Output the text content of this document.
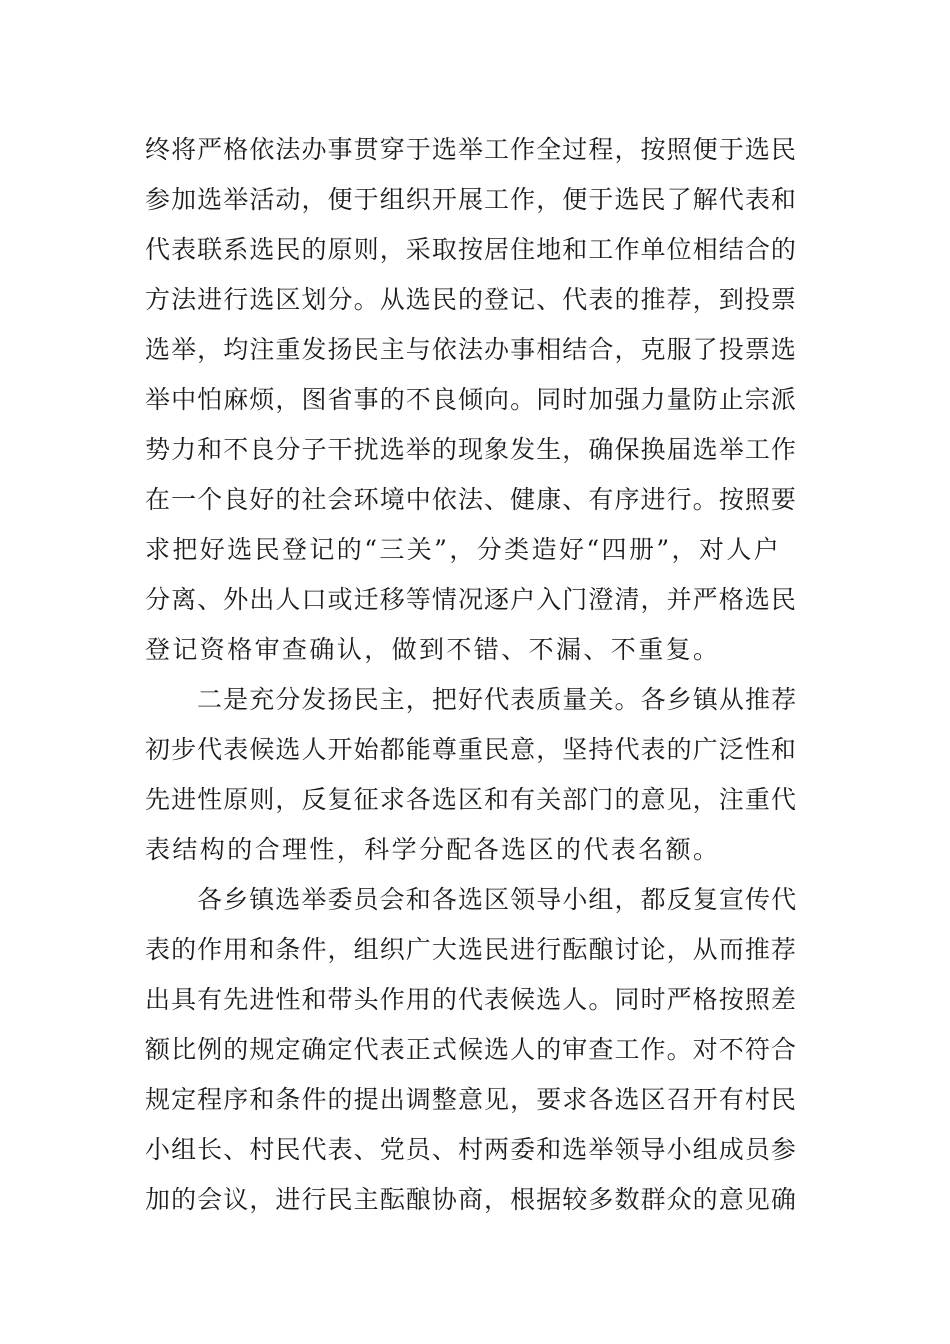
终将严格依法办事贯穿于选举工作全过程，按照便于选民
参加选举活动，便于组织开展工作，便于选民了解代表和
代表联系选民的原则，采取按居住地和工作单位相结合的
方法进行选区划分。从选民的登记、代表的推荐，到投票
选举，均注重发扬民主与依法办事相结合，克服了投票选
举中怕麻烦，图省事的不良倾向。同时加强力量防止宗派
势力和不良分子干扰选举的现象发生，确保换届选举工作
在一个良好的社会环境中依法、健康、有序进行。按照要
求把好选民登记的“三关”，分类造好“四册”，对人户
分离、外出人口或迁移等情况逐户入门澄清，并严格选民
登记资格审查确认，做到不错、不漏、不重复。
二是充分发扬民主，把好代表质量关。各乡镇从推荐
初步代表候选人开始都能尊重民意，坚持代表的广泛性和
先进性原则，反复征求各选区和有关部门的意见，注重代
表结构的合理性，科学分配各选区的代表名额。
各乡镇选举委员会和各选区领导小组，都反复宣传代
表的作用和条件，组织广大选民进行酝酿讨论，从而推荐
出具有先进性和带头作用的代表候选人。同时严格按照差
额比例的规定确定代表正式候选人的审查工作。对不符合
规定程序和条件的提出调整意见，要求各选区召开有村民
小组长、村民代表、党员、村两委和选举领导小组成员参
加的会议，进行民主酝酿协商，根据较多数群众的意见确
